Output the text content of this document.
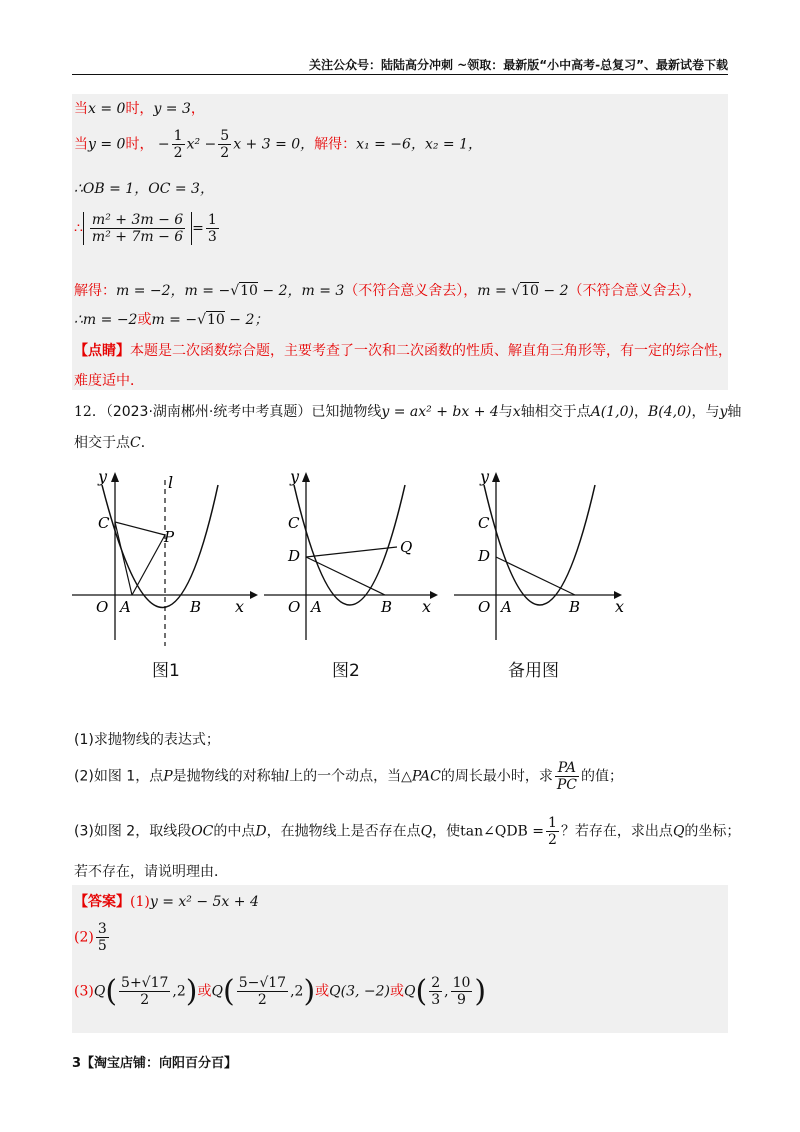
关注公众号：陆陆高分冲刺 ~领取：最新版“小中高考-总复习”、最新试卷下载
当x = 0时，y = 3，
当y = 0时， − $\frac{1}{2} x^2 - \frac{5}{2}$ x + 3 = 0，解得：x₁ = −6，x₂ = 1，
∴OB = 1，OC = 3，
∴ $\frac{\text{m² + 3m − 6}}{\text{m² + 7m − 6}} = \frac{1}{3}$
解得：m = −2，m = −√10 − 2，m = 3（不符合意义舍去），m = √10 − 2（不符合意义舍去），
∴m = −2或m = −√10 − 2；
【点睛】本题是二次函数综合题，主要考查了一次和二次函数的性质、解直角三角形等，有一定的综合性，
难度适中．
12．（2023·湖南郴州·统考中考真题）已知抛物线y = ax² + bx + 4与x轴相交于点A(1,0)，B(4,0)，与y轴
相交于点C．
y
x
O A	B
C
P
l
图1
y
x
O A	B
C
D	Q
图2
y
x
O A	B
C
D
备用图
(1)求抛物线的表达式；
(2)如图 1，点P是抛物线的对称轴l上的一个动点，当△PAC的周长最小时，求 $\frac{PA}{PC}$ 的值；
(3)如图 2，取线段OC的中点D，在抛物线上是否存在点Q，使tan∠QDB = $\frac{1}{2}$ ？若存在，求出点Q的坐标；
若不存在，请说明理由．
【答案】(1)y = x² − 5x + 4
$(2) \frac{3}{5}$
$(3)Q( \frac{5+√17}{2} ,2)$或$Q( \frac{5-√17}{2} ,2)$或Q(3, −2)或$Q( \frac{2}{3}$ , $\frac{10}{9}$ )
3【淘宝店铺：向阳百分百】
